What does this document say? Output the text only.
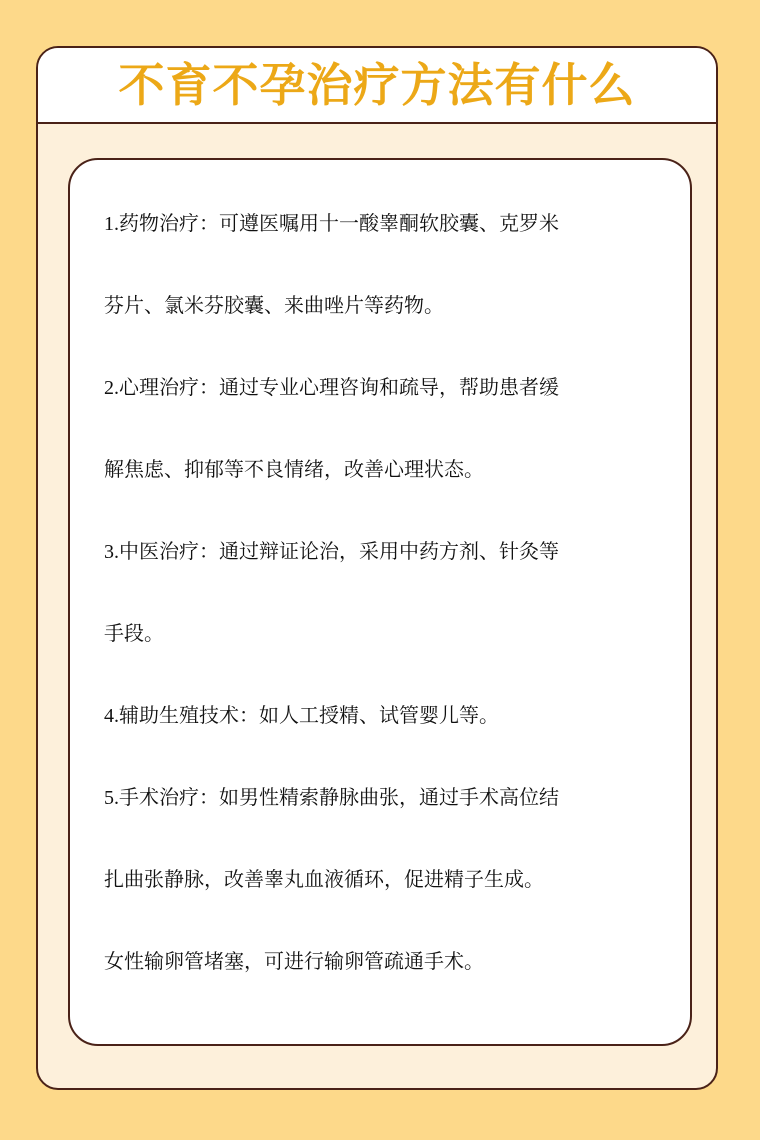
不育不孕治疗方法有什么
1.药物治疗：可遵医嘱用十一酸睾酮软胶囊、克罗米
芬片、氯米芬胶囊、来曲唑片等药物。
2.心理治疗：通过专业心理咨询和疏导，帮助患者缓
解焦虑、抑郁等不良情绪，改善心理状态。
3.中医治疗：通过辩证论治，采用中药方剂、针灸等
手段。
4.辅助生殖技术：如人工授精、试管婴儿等。
5.手术治疗：如男性精索静脉曲张，通过手术高位结
扎曲张静脉，改善睾丸血液循环，促进精子生成。
女性输卵管堵塞，可进行输卵管疏通手术。
